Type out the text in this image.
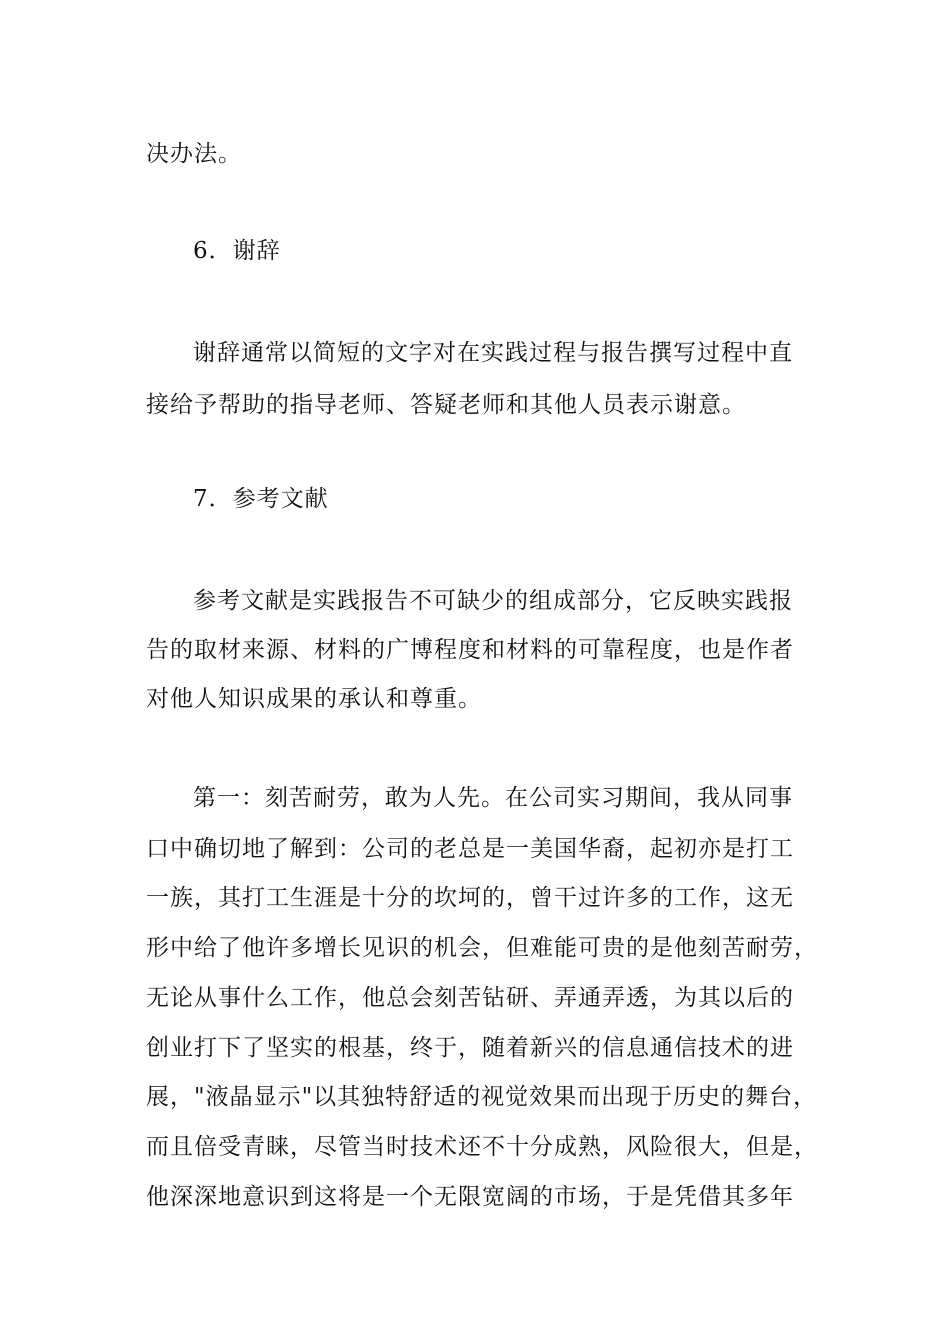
决办法。
6．谢辞
谢辞通常以简短的文字对在实践过程与报告撰写过程中直
接给予帮助的指导老师、答疑老师和其他人员表示谢意。
7．参考文献
参考文献是实践报告不可缺少的组成部分，它反映实践报
告的取材来源、材料的广博程度和材料的可靠程度，也是作者
对他人知识成果的承认和尊重。
第一：刻苦耐劳，敢为人先。在公司实习期间，我从同事
口中确切地了解到：公司的老总是一美国华裔，起初亦是打工
一族，其打工生涯是十分的坎坷的，曾干过许多的工作，这无
形中给了他许多增长见识的机会，但难能可贵的是他刻苦耐劳，
无论从事什么工作，他总会刻苦钻研、弄通弄透，为其以后的
创业打下了坚实的根基，终于，随着新兴的信息通信技术的进
展，"液晶显示"以其独特舒适的视觉效果而出现于历史的舞台，
而且倍受青睐，尽管当时技术还不十分成熟，风险很大，但是，
他深深地意识到这将是一个无限宽阔的市场，于是凭借其多年
